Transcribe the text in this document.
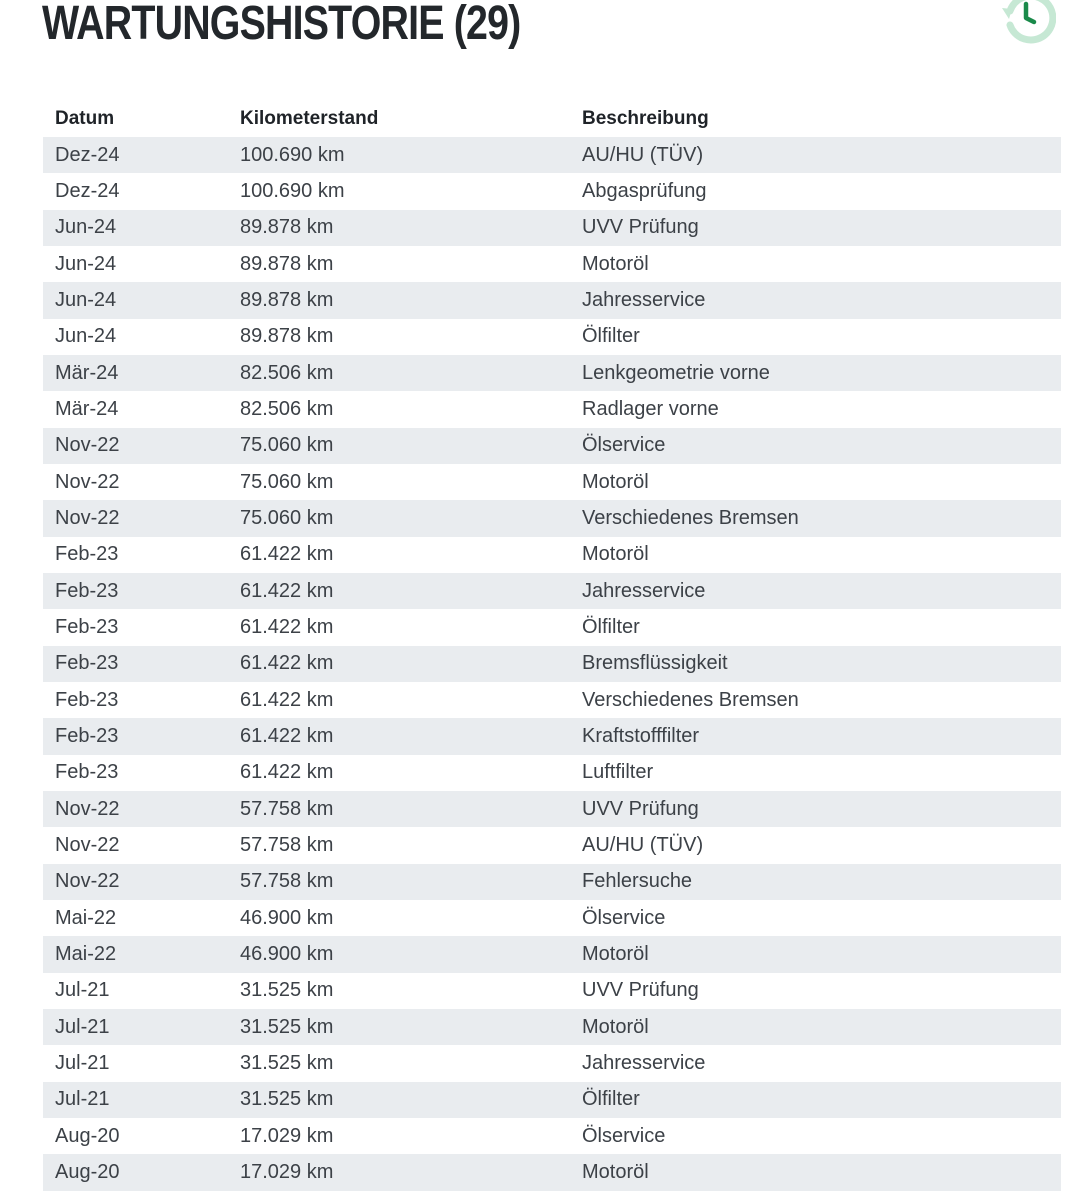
WARTUNGSHISTORIE (29)
Datum	Kilometerstand	Beschreibung
Dez-24	100.690 km	AU/HU (TÜV)
Dez-24	100.690 km	Abgasprüfung
Jun-24	89.878 km	UVV Prüfung
Jun-24	89.878 km	Motoröl
Jun-24	89.878 km	Jahresservice
Jun-24	89.878 km	Ölfilter
Mär-24	82.506 km	Lenkgeometrie vorne
Mär-24	82.506 km	Radlager vorne
Nov-22	75.060 km	Ölservice
Nov-22	75.060 km	Motoröl
Nov-22	75.060 km	Verschiedenes Bremsen
Feb-23	61.422 km	Motoröl
Feb-23	61.422 km	Jahresservice
Feb-23	61.422 km	Ölfilter
Feb-23	61.422 km	Bremsflüssigkeit
Feb-23	61.422 km	Verschiedenes Bremsen
Feb-23	61.422 km	Kraftstofffilter
Feb-23	61.422 km	Luftfilter
Nov-22	57.758 km	UVV Prüfung
Nov-22	57.758 km	AU/HU (TÜV)
Nov-22	57.758 km	Fehlersuche
Mai-22	46.900 km	Ölservice
Mai-22	46.900 km	Motoröl
Jul-21	31.525 km	UVV Prüfung
Jul-21	31.525 km	Motoröl
Jul-21	31.525 km	Jahresservice
Jul-21	31.525 km	Ölfilter
Aug-20	17.029 km	Ölservice
Aug-20	17.029 km	Motoröl
